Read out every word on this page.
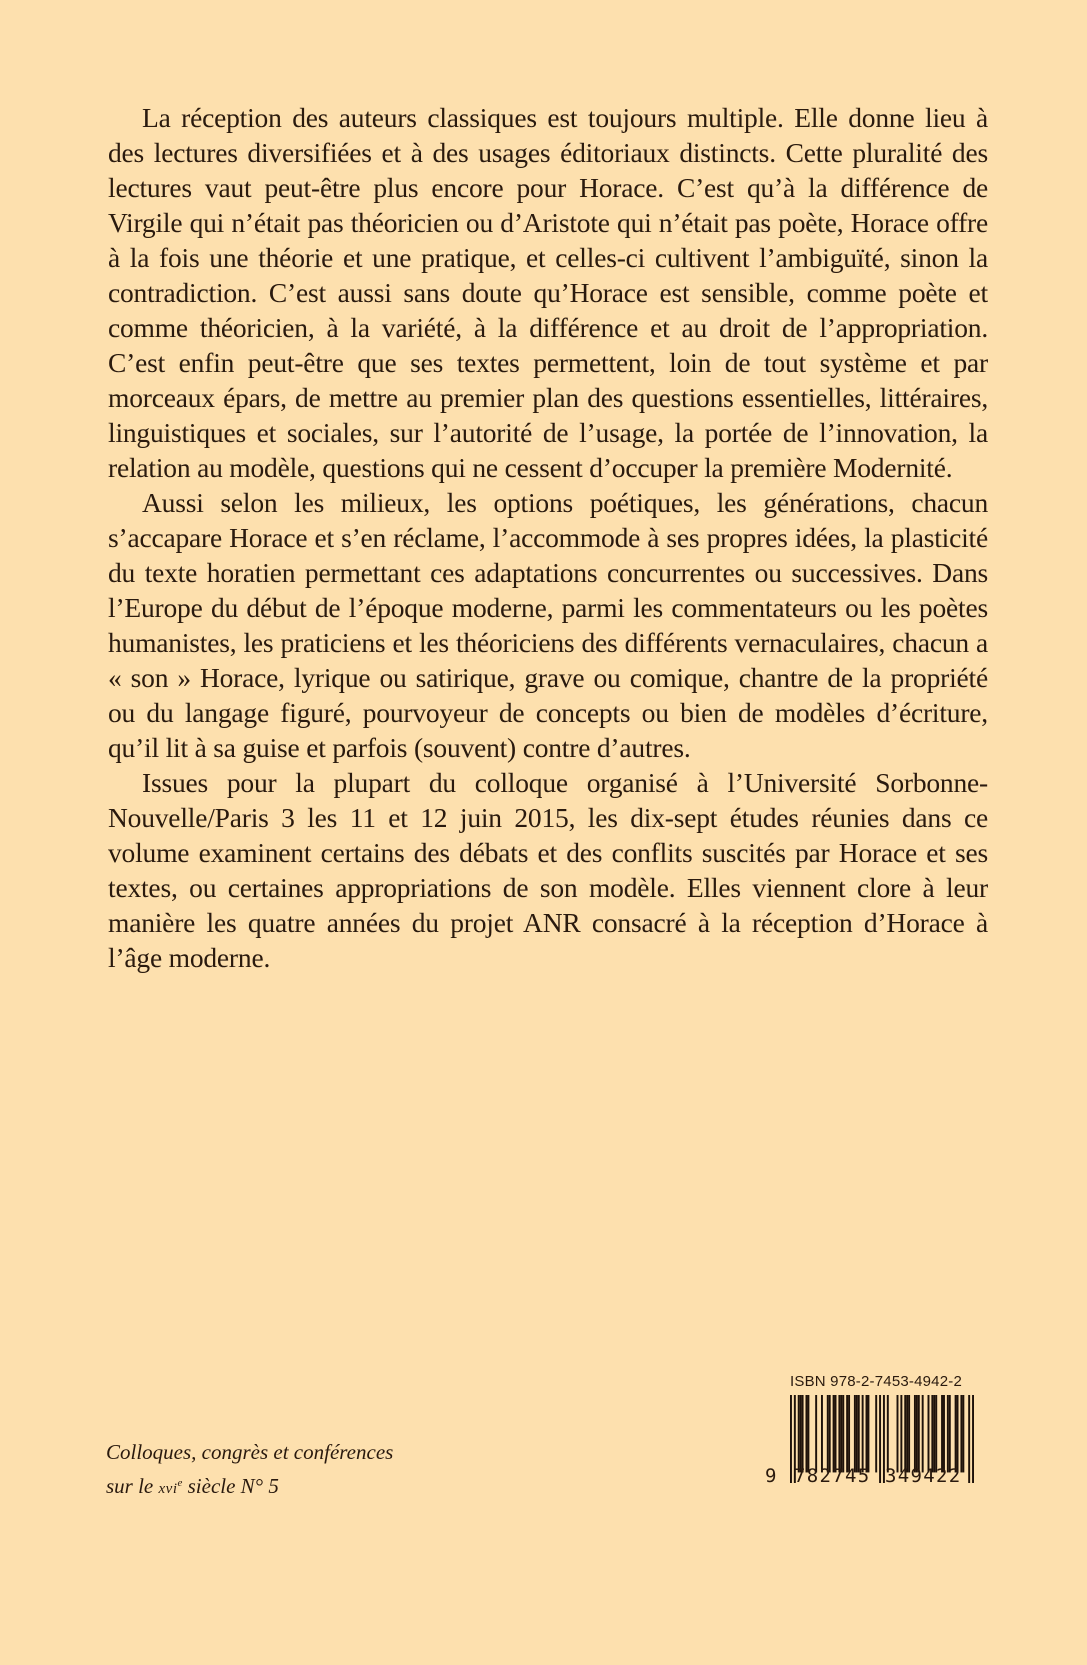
La réception des auteurs classiques est toujours multiple. Elle donne lieu à des lectures diversifiées et à des usages éditoriaux distincts. Cette pluralité des lectures vaut peut-être plus encore pour Horace. C’est qu’à la différence de Virgile qui n’était pas théoricien ou d’Aristote qui n’était pas poète, Horace offre à la fois une théorie et une pratique, et celles-ci cultivent l’ambiguïté, sinon la contradiction. C’est aussi sans doute qu’Horace est sensible, comme poète et comme théoricien, à la variété, à la différence et au droit de l’appropriation. C’est enfin peut-être que ses textes permettent, loin de tout système et par morceaux épars, de mettre au premier plan des questions essentielles, littéraires, linguistiques et sociales, sur l’autorité de l’usage, la portée de l’innovation, la relation au modèle, questions qui ne cessent d’occuper la première Modernité.

Aussi selon les milieux, les options poétiques, les générations, chacun s’accapare Horace et s’en réclame, l’accommode à ses propres idées, la plasticité du texte horatien permettant ces adaptations concurrentes ou successives. Dans l’Europe du début de l’époque moderne, parmi les commentateurs ou les poètes humanistes, les praticiens et les théoriciens des différents vernaculaires, chacun a « son » Horace, lyrique ou satirique, grave ou comique, chantre de la propriété ou du langage figuré, pourvoyeur de concepts ou bien de modèles d’écriture, qu’il lit à sa guise et parfois (souvent) contre d’autres.

Issues pour la plupart du colloque organisé à l’Université Sorbonne-Nouvelle/Paris 3 les 11 et 12 juin 2015, les dix-sept études réunies dans ce volume examinent certains des débats et des conflits suscités par Horace et ses textes, ou certaines appropriations de son modèle. Elles viennent clore à leur manière les quatre années du projet ANR consacré à la réception d’Horace à l’âge moderne.

Colloques, congrès et conférences
sur le xvi$^e$ siècle N° 5
ISBN 978-2-7453-4942-2
9 782745 349422
